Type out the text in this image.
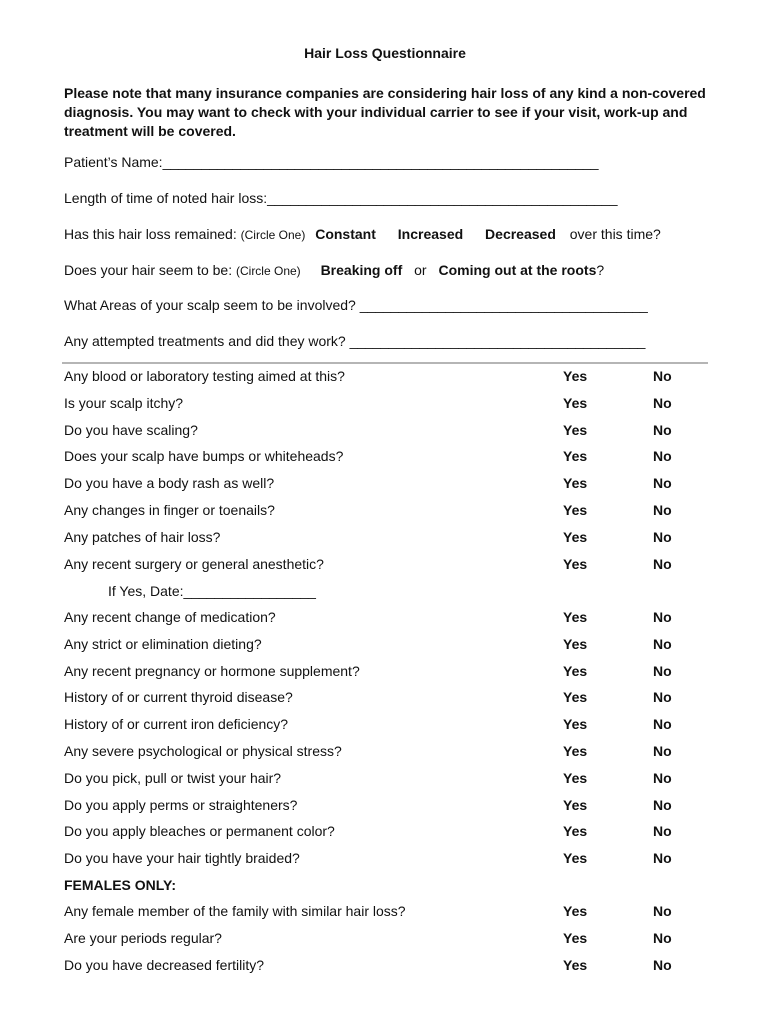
Hair Loss Questionnaire
Please note that many insurance companies are considering hair loss of any kind a non-covered diagnosis. You may want to check with your individual carrier to see if your visit, work-up and treatment will be covered.
Patient’s Name:________________________________________________________
Length of time of noted hair loss:_____________________________________________
Has this hair loss remained: (Circle One) Constant Increased Decreased over this time?
Does your hair seem to be: (Circle One) Breaking off or Coming out at the roots?
What Areas of your scalp seem to be involved? _____________________________________
Any attempted treatments and did they work? ______________________________________
Any blood or laboratory testing aimed at this?	Yes	No
Is your scalp itchy?	Yes	No
Do you have scaling?	Yes	No
Does your scalp have bumps or whiteheads?	Yes	No
Do you have a body rash as well?	Yes	No
Any changes in finger or toenails?	Yes	No
Any patches of hair loss?	Yes	No
Any recent surgery or general anesthetic?	Yes	No
If Yes, Date:_________________
Any recent change of medication?	Yes	No
Any strict or elimination dieting?	Yes	No
Any recent pregnancy or hormone supplement?	Yes	No
History of or current thyroid disease?	Yes	No
History of or current iron deficiency?	Yes	No
Any severe psychological or physical stress?	Yes	No
Do you pick, pull or twist your hair?	Yes	No
Do you apply perms or straighteners?	Yes	No
Do you apply bleaches or permanent color?	Yes	No
Do you have your hair tightly braided?	Yes	No
FEMALES ONLY:
Any female member of the family with similar hair loss?	Yes	No
Are your periods regular?	Yes	No
Do you have decreased fertility?	Yes	No
